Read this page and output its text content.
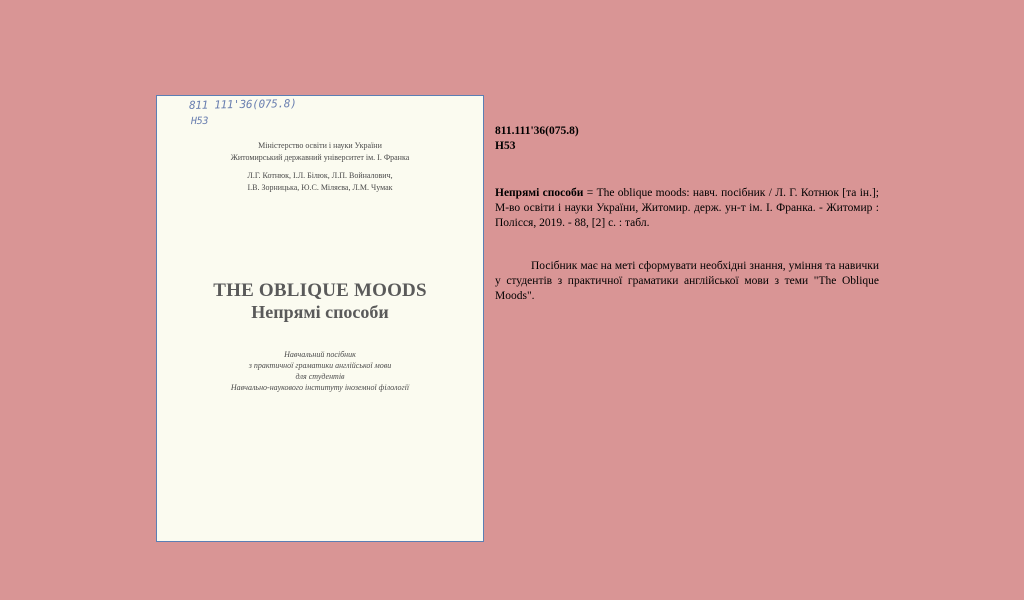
811 111'36(075.8)
Н53
Міністерство освіти і науки України
Житомирський державний університет ім. І. Франка
Л.Г. Котнюк, І.Л. Бiлюк, Л.П. Войналович,
І.В. Зорницька, Ю.С. Міляєва, Л.М. Чумак
THE OBLIQUE MOODS
Непрямі способи
Навчальний посібник
з практичної граматики англійської мови
для студентів
Навчально-наукового інституту іноземної філології
811.111'36(075.8)
Н53
Непрямі способи = The oblique moods: навч. посібник / Л. Г. Котнюк [та ін.]; М-во освіти і науки України, Житомир. держ. ун-т ім. І. Франка. - Житомир : Полісся, 2019. - 88, [2] с. : табл.
Посібник має на меті сформувати необхідні знання, уміння та навички у студентів з практичної граматики англійської мови з теми "The Oblique Moods".
